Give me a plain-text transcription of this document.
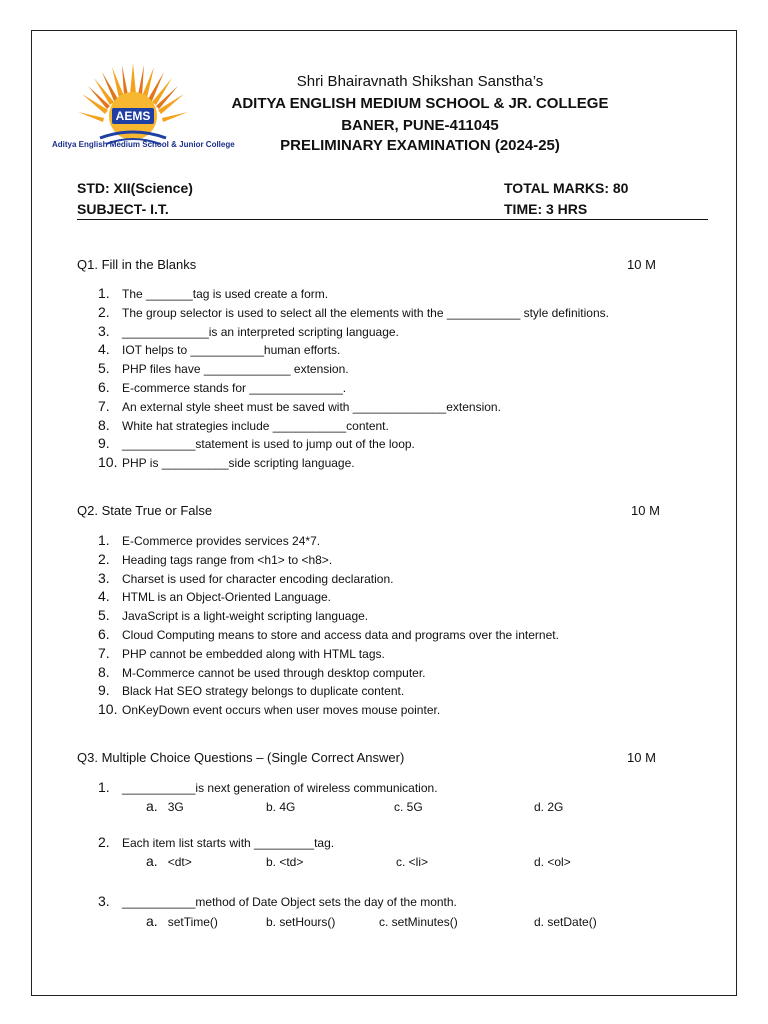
AEMS
Aditya English Medium School & Junior College
Shri Bhairavnath Shikshan Sanstha’s
ADITYA ENGLISH MEDIUM SCHOOL & JR. COLLEGE
BANER, PUNE-411045
PRELIMINARY EXAMINATION (2024-25)
STD: XII(Science)	TOTAL MARKS: 80
SUBJECT- I.T.	TIME: 3 HRS
Q1. Fill in the Blanks	10 M
1. The _______tag is used create a form.
2. The group selector is used to select all the elements with the ___________ style definitions.
3. _____________is an interpreted scripting language.
4. IOT helps to ___________human efforts.
5. PHP files have _____________ extension.
6. E-commerce stands for ______________.
7. An external style sheet must be saved with ______________extension.
8. White hat strategies include ___________content.
9. ___________statement is used to jump out of the loop.
10. PHP is __________side scripting language.
Q2. State True or False	10 M
1. E-Commerce provides services 24*7.
2. Heading tags range from <h1> to <h8>.
3. Charset is used for character encoding declaration.
4. HTML is an Object-Oriented Language.
5. JavaScript is a light-weight scripting language.
6. Cloud Computing means to store and access data and programs over the internet.
7. PHP cannot be embedded along with HTML tags.
8. M-Commerce cannot be used through desktop computer.
9. Black Hat SEO strategy belongs to duplicate content.
10. OnKeyDown event occurs when user moves mouse pointer.
Q3. Multiple Choice Questions – (Single Correct Answer)	10 M
1. ___________is next generation of wireless communication.
a. 3G	b. 4G	c. 5G	d. 2G
2. Each item list starts with _________tag.
a. <dt>	b. <td>	c. <li>	d. <ol>
3. ___________method of Date Object sets the day of the month.
a. setTime()	b. setHours()	c. setMinutes()	d. setDate()
